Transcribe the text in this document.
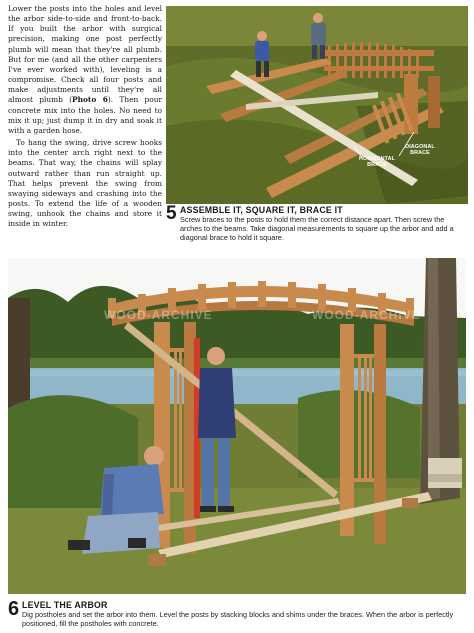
Lower the posts into the holes and level the arbor side-to-side and front-to-back. If you built the arbor with surgical precision, making one post perfectly plumb will mean that they're all plumb. But for me (and all the other carpenters I've ever worked with), leveling is a compromise. Check all four posts and make adjustments until they're all almost plumb (Photo 6). Then pour concrete mix into the holes. No need to mix it up; just dump it in dry and soak it with a garden hose.

To hang the swing, drive screw hooks into the center arch right next to the beams. That way, the chains will splay outward rather than run straight up. That helps prevent the swing from swaying sideways and crashing into the posts. To extend the life of a wooden swing, unhook the chains and store it inside in winter.

DIAGONAL BRACE
HORIZONTAL BRACE
5 ASSEMBLE IT, SQUARE IT, BRACE IT
Screw braces to the posts to hold them the correct distance apart. Then screw the arches to the beams. Take diagonal measurements to square up the arbor and add a diagonal brace to hold it square.
WOOD-ARCHIVE	WOOD-ARCHIVE
6 LEVEL THE ARBOR
Dig postholes and set the arbor into them. Level the posts by stacking blocks and shims under the braces. When the arbor is perfectly positioned, fill the postholes with concrete.
